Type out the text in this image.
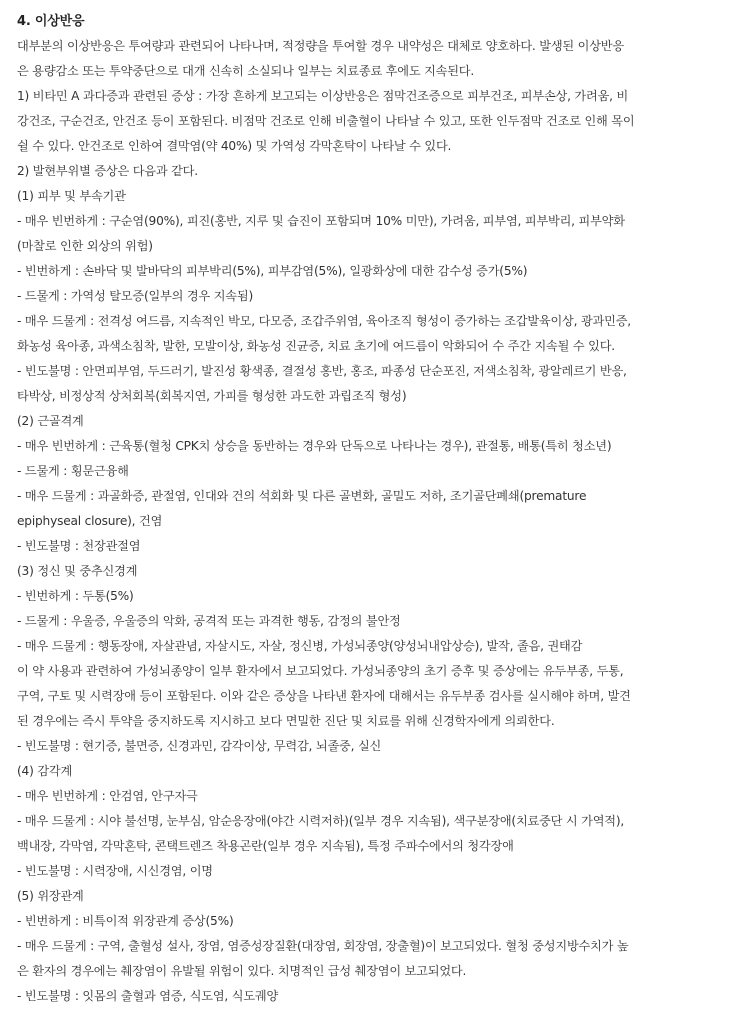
4. 이상반응

대부분의 이상반응은 투여량과 관련되어 나타나며, 적정량을 투여할 경우 내약성은 대체로 양호하다. 발생된 이상반응

은 용량감소 또는 투약중단으로 대개 신속히 소실되나 일부는 치료종료 후에도 지속된다.

1) 비타민 A 과다증과 관련된 증상 : 가장 흔하게 보고되는 이상반응은 점막건조증으로 피부건조, 피부손상, 가려움, 비

강건조, 구순건조, 안건조 등이 포함된다. 비점막 건조로 인해 비출혈이 나타날 수 있고, 또한 인두점막 건조로 인해 목이

쉴 수 있다. 안건조로 인하여 결막염(약 40%) 및 가역성 각막혼탁이 나타날 수 있다.

2) 발현부위별 증상은 다음과 같다.

(1) 피부 및 부속기관

- 매우 빈번하게 : 구순염(90%), 피진(홍반, 지루 및 습진이 포함되며 10% 미만), 가려움, 피부염, 피부박리, 피부약화

(마찰로 인한 외상의 위험)

- 빈번하게 : 손바닥 및 발바닥의 피부박리(5%), 피부감염(5%), 일광화상에 대한 감수성 증가(5%)

- 드물게 : 가역성 탈모증(일부의 경우 지속됨)

- 매우 드물게 : 전격성 여드름, 지속적인 박모, 다모증, 조갑주위염, 육아조직 형성이 증가하는 조갑발육이상, 광과민증,

화농성 육아종, 과색소침착, 발한, 모발이상, 화농성 진균증, 치료 초기에 여드름이 악화되어 수 주간 지속될 수 있다.

- 빈도불명 : 안면피부염, 두드러기, 발진성 황색종, 결절성 홍반, 홍조, 파종성 단순포진, 저색소침착, 광알레르기 반응,

타박상, 비정상적 상처회복(회복지연, 가피를 형성한 과도한 과립조직 형성)

(2) 근골격계

- 매우 빈번하게 : 근육통(혈청 CPK치 상승을 동반하는 경우와 단독으로 나타나는 경우), 관절통, 배통(특히 청소년)

- 드물게 : 횡문근융해

- 매우 드물게 : 과골화증, 관절염, 인대와 건의 석회화 및 다른 골변화, 골밀도 저하, 조기골단폐쇄(premature

epiphyseal closure), 건염

- 빈도불명 : 천장관절염

(3) 정신 및 중추신경계

- 빈번하게 : 두통(5%)

- 드물게 : 우울증, 우울증의 악화, 공격적 또는 과격한 행동, 감정의 불안정

- 매우 드물게 : 행동장애, 자살관념, 자살시도, 자살, 정신병, 가성뇌종양(양성뇌내압상승), 발작, 졸음, 권태감

이 약 사용과 관련하여 가성뇌종양이 일부 환자에서 보고되었다. 가성뇌종양의 초기 증후 및 증상에는 유두부종, 두통,

구역, 구토 및 시력장애 등이 포함된다. 이와 같은 증상을 나타낸 환자에 대해서는 유두부종 검사를 실시해야 하며, 발견

된 경우에는 즉시 투약을 중지하도록 지시하고 보다 면밀한 진단 및 치료를 위해 신경학자에게 의뢰한다.

- 빈도불명 : 현기증, 불면증, 신경과민, 감각이상, 무력감, 뇌졸중, 실신

(4) 감각계

- 매우 빈번하게 : 안검염, 안구자극

- 매우 드물게 : 시야 불선명, 눈부심, 암순응장애(야간 시력저하)(일부 경우 지속됨), 색구분장애(치료중단 시 가역적),

백내장, 각막염, 각막혼탁, 콘택트렌즈 착용곤란(일부 경우 지속됨), 특정 주파수에서의 청각장애

- 빈도불명 : 시력장애, 시신경염, 이명

(5) 위장관계

- 빈번하게 : 비특이적 위장관계 증상(5%)

- 매우 드물게 : 구역, 출혈성 설사, 장염, 염증성장질환(대장염, 회장염, 장출혈)이 보고되었다. 혈청 중성지방수치가 높

은 환자의 경우에는 췌장염이 유발될 위험이 있다. 치명적인 급성 췌장염이 보고되었다.

- 빈도불명 : 잇몸의 출혈과 염증, 식도염, 식도궤양
